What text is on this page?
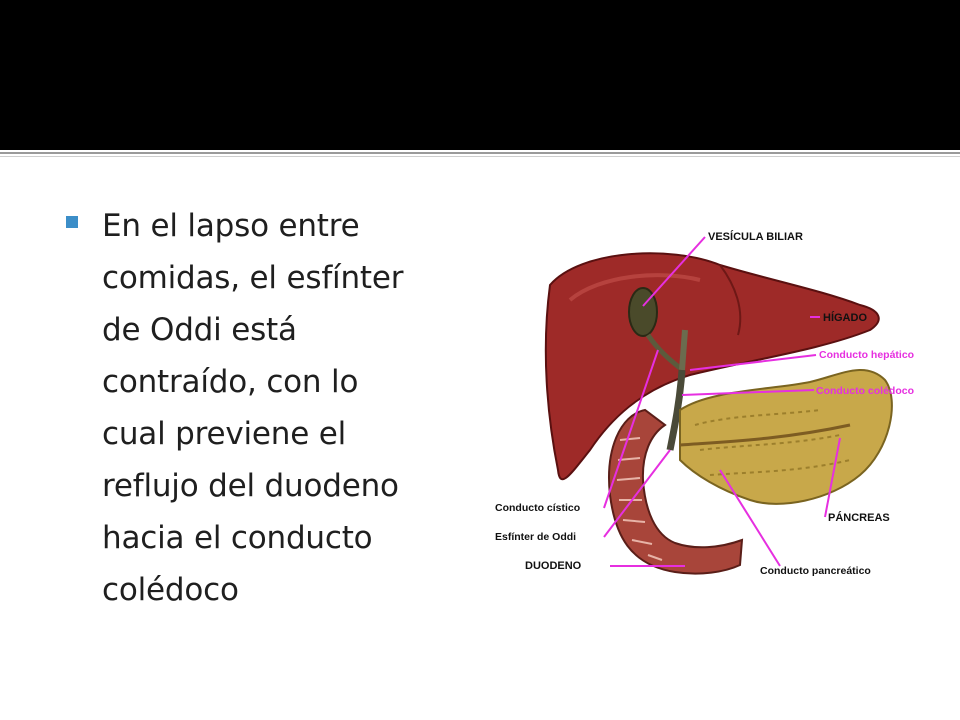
En el lapso entre
comidas, el esfínter
de Oddi está
contraído, con lo
cual previene el
reflujo del duodeno
hacia el conducto
colédoco
VESÍCULA BILIAR
HÍGADO
Conducto hepático
Conducto colédoco
Conducto cístico
Esfínter de Oddi
DUODENO
PÁNCREAS
Conducto pancreático
